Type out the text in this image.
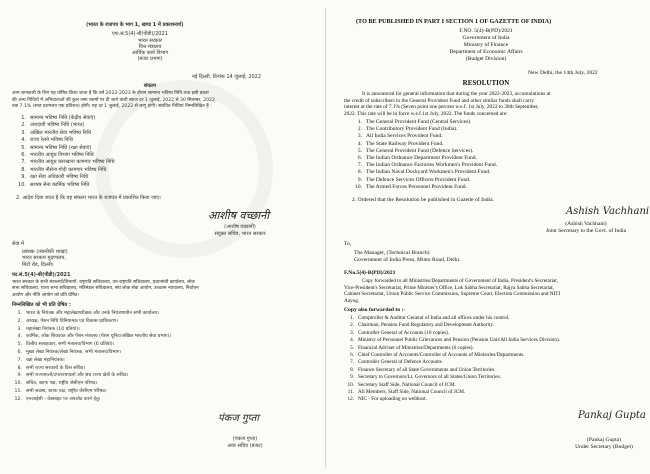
(भारत के राजपत्र के भाग 1, खण्ड 1 में प्रकाशनार्थ)
एफ.सं.5(4)-बी(पीडी)/2021
भारत सरकार
वित्त मंत्रालय
आर्थिक कार्य विभाग
(बजट प्रभाग)
नई दिल्ली, दिनांक 14 जुलाई, 2022
संकल्प
आम जानकारी के लिए यह घोषित किया जाता है कि वर्ष 2022-2023 के दौरान सामान्य भविष्य निधि तथा इसी प्रकार
की अन्य निधियों में अभिदाताओं की कुल जमा रकमों पर दी जाने वाली ब्याज दर 1 जुलाई, 2022 से 30 सितम्बर, 2022
तक 7.1% (सात दशमलव एक प्रतिशत) होगी। यह दर 1 जुलाई, 2022 से लागू होगी। संबंधित निधियां निम्नलिखित हैं :
1. सामान्य भविष्य निधि (केंद्रीय सेवाएं)
2. अंशदायी भविष्य निधि (भारत)
3. अखिल भारतीय सेवा भविष्य निधि
4. राज्य रेलवे भविष्य निधि
5. सामान्य भविष्य निधि (रक्षा सेवाएं)
6. भारतीय आयुध विभाग भविष्य निधि
7. भारतीय आयुध कारखाना कामगार भविष्य निधि
8. भारतीय नौसेना गोदी कामगार भविष्य निधि
9. रक्षा सेवा अधिकारी भविष्य निधि
10. सशस्त्र सेना कार्मिक भविष्य निधि
2. आदेश दिया जाता है कि यह संकल्प भारत के राजपत्र में प्रकाशित किया जाए।
आशीष वच्छानी
(आशीष वच्छानी)
संयुक्त सचिव, भारत सरकार
सेवा में
प्रबंधक (तकनीकी शाखा)
भारत सरकार मुद्रणालय,
मिंटो रोड, दिल्ली।
फा.सं.5(4)-बी(पीडी)/2021
भारत सरकार के सभी मंत्रालयों/विभागों, राष्ट्रपति सचिवालय, उप-राष्ट्रपति सचिवालय, प्रधानमंत्री कार्यालय, लोक
सभा सचिवालय, राज्य सभा सचिवालय, मंत्रिमंडल सचिवालय, संघ लोक सेवा आयोग, उच्चतम न्यायालय, निर्वाचन
आयोग और नीति आयोग को प्रति प्रेषित।
निम्नलिखित को भी प्रति प्रेषित :
1. भारत के नियंत्रक और महालेखापरीक्षक और उनके नियंत्रणाधीन सभी कार्यालय।
2. अध्यक्ष, पेंशन निधि विनियामक एवं विकास प्राधिकरण।
3. महालेखा नियंत्रक (10 प्रतियां)।
4. कार्मिक, लोक शिकायत और पेंशन मंत्रालय (पेंशन यूनिट/अखिल भारतीय सेवा प्रभाग)।
5. वित्तीय सलाहकार, सभी मंत्रालय/विभाग (6 प्रतियां)।
6. मुख्य लेखा नियंत्रक/लेखा नियंत्रक, सभी मंत्रालय/विभाग।
7. रक्षा लेखा महानियंत्रक।
8. सभी राज्य सरकारों के वित्त सचिव।
9. सभी राज्यपालों/उपराज्यपालों और संघ राज्य क्षेत्रों के सचिव।
10. सचिव, स्टाफ पक्ष, राष्ट्रीय जेसीएम परिषद।
11. सभी सदस्य, स्टाफ पक्ष, राष्ट्रीय जेसीएम परिषद।
12. एनआईसी - वेबसाइट पर अपलोड करने हेतु।
पंकज गुप्ता
(पंकज गुप्ता)
अवर सचिव (बजट)
(TO BE PUBLISHED IN PART I SECTION 1 OF GAZETTE OF INDIA)
F.NO. 5(4)-B(PD)/2021
Government of India
Ministry of Finance
Department of Economic Affairs
(Budget Division)
New Delhi, the 14th July, 2022
RESOLUTION
It is announced for general information that during the year 2022-2023, accumulations at
the credit of subscribers to the General Provident Fund and other similar funds shall carry
interest at the rate of 7.1% (Seven point one percent w.e.f. 1st July, 2022 to 30th September,
2022. This rate will be in force w.e.f.1st July, 2022. The funds concerned are:
1. The General Provident Fund (Central Services).
2. The Contributory Provident Fund (India).
3. All India Services Provident Fund.
4. The State Railway Provident Fund.
5. The General Provident Fund (Defence Services).
6. The Indian Ordnance Department Provident Fund.
7. The Indian Ordnance Factories Workmen's Provident Fund.
8. The Indian Naval Dockyard Workmen's Provident Fund.
9. The Defence Services Officers Provident Fund.
10. The Armed Forces Personnel Provident Fund.
2. Ordered that the Resolution be published in Gazette of India.
Ashish Vachhani
(Ashish Vachhani)
Joint Secretary to the Govt. of India
To,
The Manager, (Technical Branch)
Government of India Press, Minto Road, Delhi.
F.No.5(4)-B(PD)/2021
Copy forwarded to all Ministries/Departments of Government of India, President's Secretariat,
Vice-President's Secretariat, Prime Minister's Office, Lok Sabha Secretariat, Rajya Sabha Secretariat,
Cabinet Secretariat, Union Public Service Commission, Supreme Court, Election Commission and NITI
Aayog.
Copy also forwarded to :-
1. Comptroller & Auditor General of India and all offices under his control.
2. Chairman, Pension Fund Regulatory and Development Authority.
3. Controller General of Accounts (10 copies).
4. Ministry of Personnel Public Grievances and Pension (Pension Unit/All India Services Division).
5. Financial Adviser of Ministries/Departments (6 copies).
6. Chief Controller of Accounts/Controller of Accounts of Ministries/Departments.
7. Controller General of Defence Accounts
8. Finance Secretary of all State Governments and Union Territories.
9. Secretary to Governors/Lt. Governors of all States/Union Territories.
10. Secretary Staff Side, National Council of JCM.
11. All Members, Staff Side, National Council of JCM.
12. NIC - For uploading on webhost.
Pankaj Gupta
(Pankaj Gupta)
Under Secretary (Budget)
